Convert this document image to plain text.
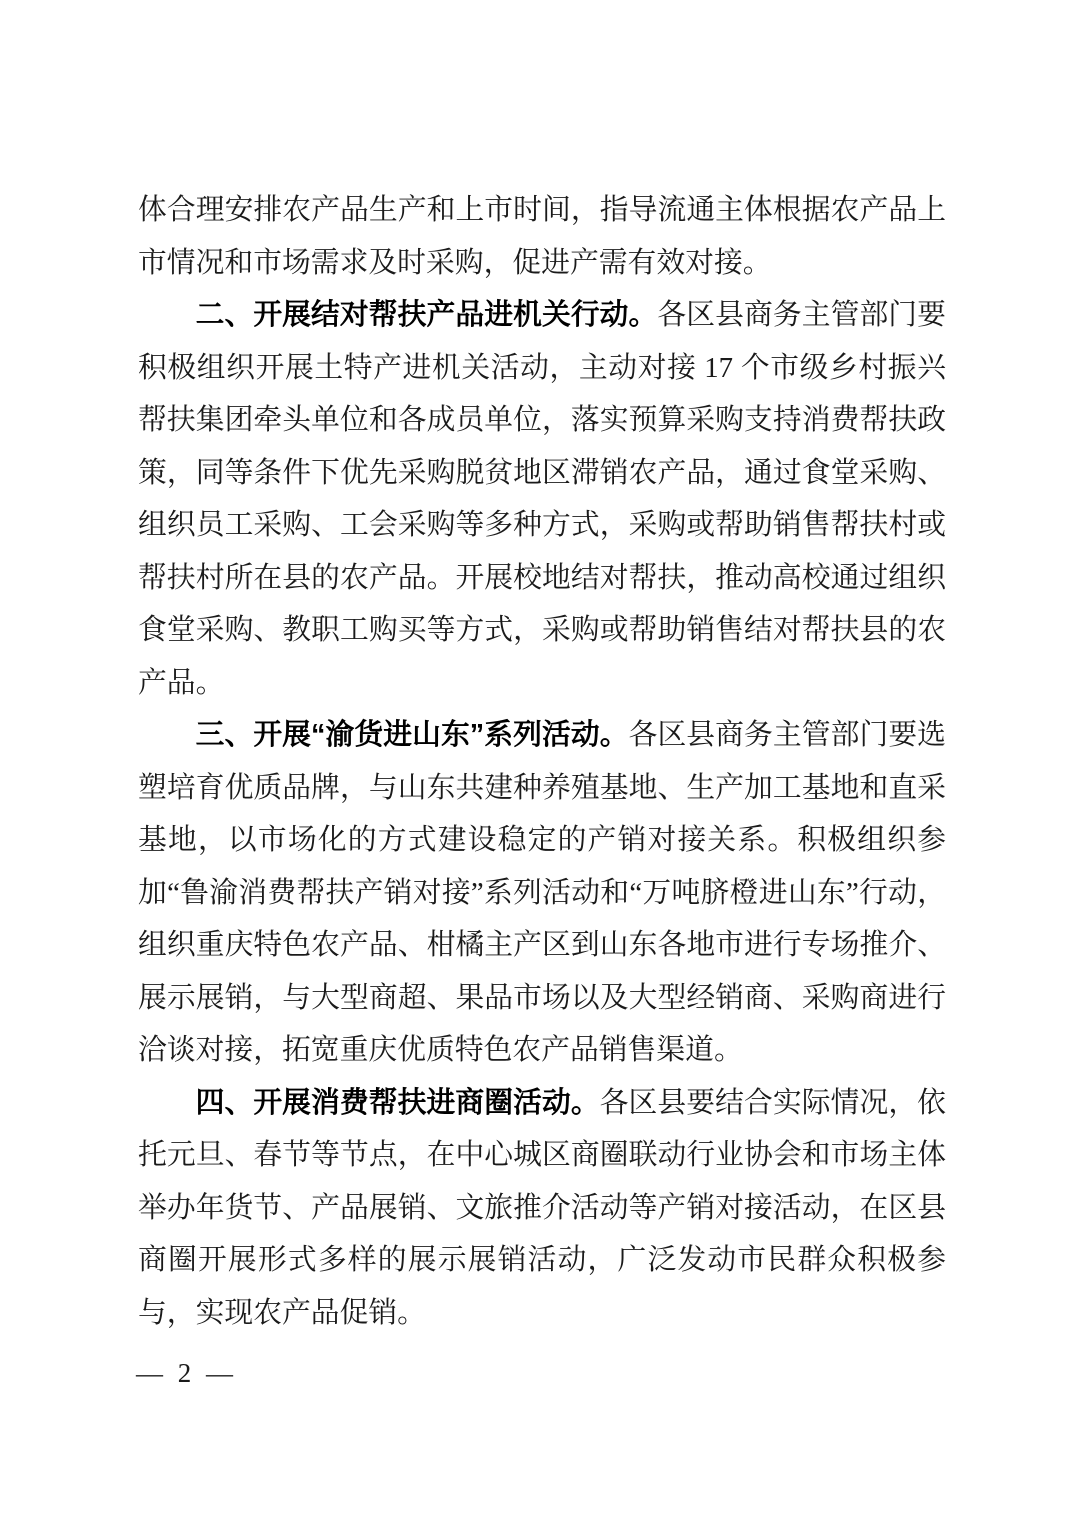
体合理安排农产品生产和上市时间，指导流通主体根据农产品上市情况和市场需求及时采购，促进产需有效对接。

二、开展结对帮扶产品进机关行动。各区县商务主管部门要积极组织开展土特产进机关活动，主动对接 17 个市级乡村振兴帮扶集团牵头单位和各成员单位，落实预算采购支持消费帮扶政策，同等条件下优先采购脱贫地区滞销农产品，通过食堂采购、组织员工采购、工会采购等多种方式，采购或帮助销售帮扶村或帮扶村所在县的农产品。开展校地结对帮扶，推动高校通过组织食堂采购、教职工购买等方式，采购或帮助销售结对帮扶县的农产品。

三、开展“渝货进山东”系列活动。各区县商务主管部门要选塑培育优质品牌，与山东共建种养殖基地、生产加工基地和直采基地，以市场化的方式建设稳定的产销对接关系。积极组织参加“鲁渝消费帮扶产销对接”系列活动和“万吨脐橙进山东”行动，组织重庆特色农产品、柑橘主产区到山东各地市进行专场推介、展示展销，与大型商超、果品市场以及大型经销商、采购商进行洽谈对接，拓宽重庆优质特色农产品销售渠道。

四、开展消费帮扶进商圈活动。各区县要结合实际情况，依托元旦、春节等节点，在中心城区商圈联动行业协会和市场主体举办年货节、产品展销、文旅推介活动等产销对接活动，在区县商圈开展形式多样的展示展销活动，广泛发动市民群众积极参与，实现农产品促销。

— 2 —
